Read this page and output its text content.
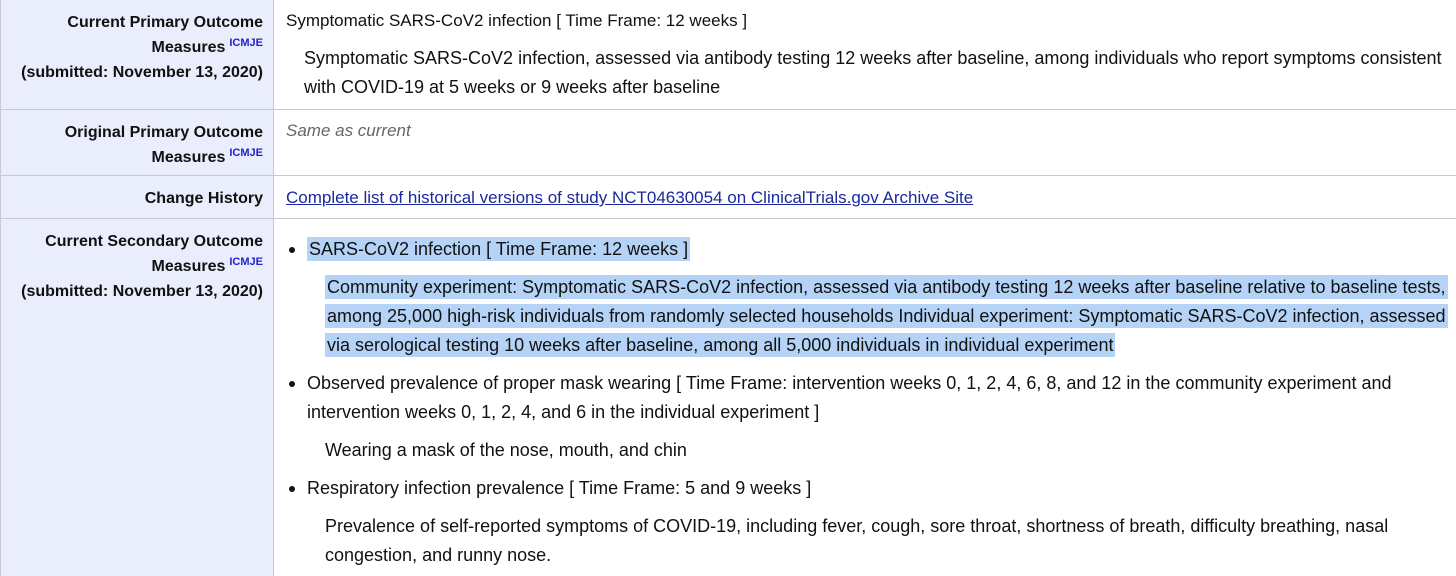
Current Primary Outcome
Measures $^{ICMJE}$
(submitted: November 13, 2020)
Symptomatic SARS-CoV2 infection [ Time Frame: 12 weeks ]
Symptomatic SARS-CoV2 infection, assessed via antibody testing 12 weeks after baseline, among individuals who report symptoms consistent with COVID-19 at 5 weeks or 9 weeks after baseline
Original Primary Outcome
Measures $^{ICMJE}$
Same as current
Change History	Complete list of historical versions of study NCT04630054 on ClinicalTrials.gov Archive Site
Current Secondary Outcome
Measures $^{ICMJE}$
(submitted: November 13, 2020)
SARS-CoV2 infection [ Time Frame: 12 weeks ]
Community experiment: Symptomatic SARS-CoV2 infection, assessed via antibody testing 12 weeks after baseline relative to baseline tests, among 25,000 high-risk individuals from randomly selected households Individual experiment: Symptomatic SARS-CoV2 infection, assessed via serological testing 10 weeks after baseline, among all 5,000 individuals in individual experiment
Observed prevalence of proper mask wearing [ Time Frame: intervention weeks 0, 1, 2, 4, 6, 8, and 12 in the community experiment and intervention weeks 0, 1, 2, 4, and 6 in the individual experiment ]
Wearing a mask of the nose, mouth, and chin
Respiratory infection prevalence [ Time Frame: 5 and 9 weeks ]
Prevalence of self-reported symptoms of COVID-19, including fever, cough, sore throat, shortness of breath, difficulty breathing, nasal congestion, and runny nose.
